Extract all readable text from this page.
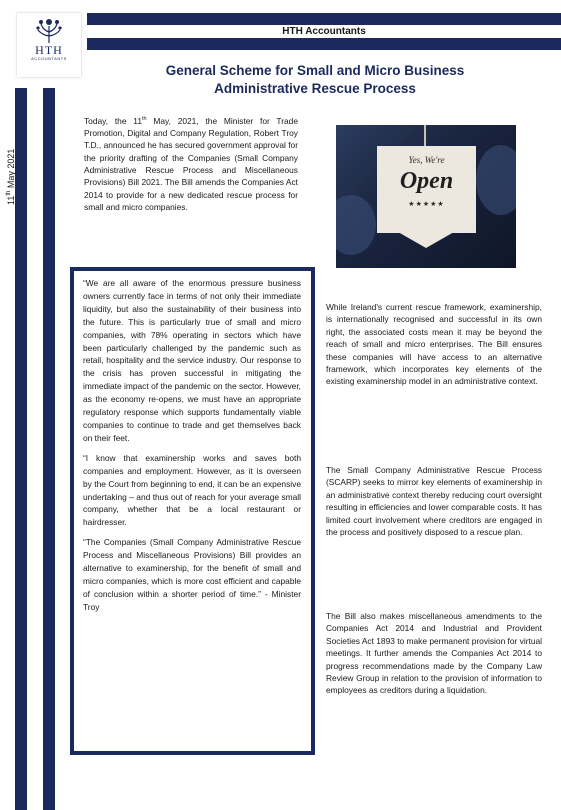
HTH
ACCOUNTANTS
HTH Accountants
General Scheme for Small and Micro Business
Administrative Rescue Process
11th May 2021
Today, the 11th May, 2021, the Minister for Trade Promotion, Digital and Company Regulation, Robert Troy T.D., announced he has secured government approval for the priority drafting of the Companies (Small Company Administrative Rescue Process and Miscellaneous Provisions) Bill 2021. The Bill amends the Companies Act 2014 to provide for a new dedicated rescue process for small and micro companies.
Yes, We're
Open
★★★★★

“We are all aware of the enormous pressure business owners currently face in terms of not only their immediate liquidity, but also the sustainability of their business into the future. This is particularly true of small and micro companies, with 78% operating in sectors which have been particularly challenged by the pandemic such as retail, hospitality and the service industry. Our response to the crisis has proven successful in mitigating the immediate impact of the pandemic on the sector. However, as the economy re-opens, we must have an appropriate regulatory response which supports fundamentally viable companies to continue to trade and get themselves back on their feet.

“I know that examinership works and saves both companies and employment. However, as it is overseen by the Court from beginning to end, it can be an expensive undertaking – and thus out of reach for your average small company, whether that be a local restaurant or hairdresser.

“The Companies (Small Company Administrative Rescue Process and Miscellaneous Provisions) Bill provides an alternative to examinership, for the benefit of small and micro companies, which is more cost efficient and capable of conclusion within a shorter period of time.” - Minister Troy

While Ireland's current rescue framework, examinership, is internationally recognised and successful in its own right, the associated costs mean it may be beyond the reach of small and micro enterprises. The Bill ensures these companies will have access to an alternative framework, which incorporates key elements of the existing examinership model in an administrative context.
The Small Company Administrative Rescue Process (SCARP) seeks to mirror key elements of examinership in an administrative context thereby reducing court oversight resulting in efficiencies and lower comparable costs. It has limited court involvement where creditors are engaged in the process and positively disposed to a rescue plan.
The Bill also makes miscellaneous amendments to the Companies Act 2014 and Industrial and Provident Societies Act 1893 to make permanent provision for virtual meetings. It further amends the Companies Act 2014 to progress recommendations made by the Company Law Review Group in relation to the provision of information to employees as creditors during a liquidation.
